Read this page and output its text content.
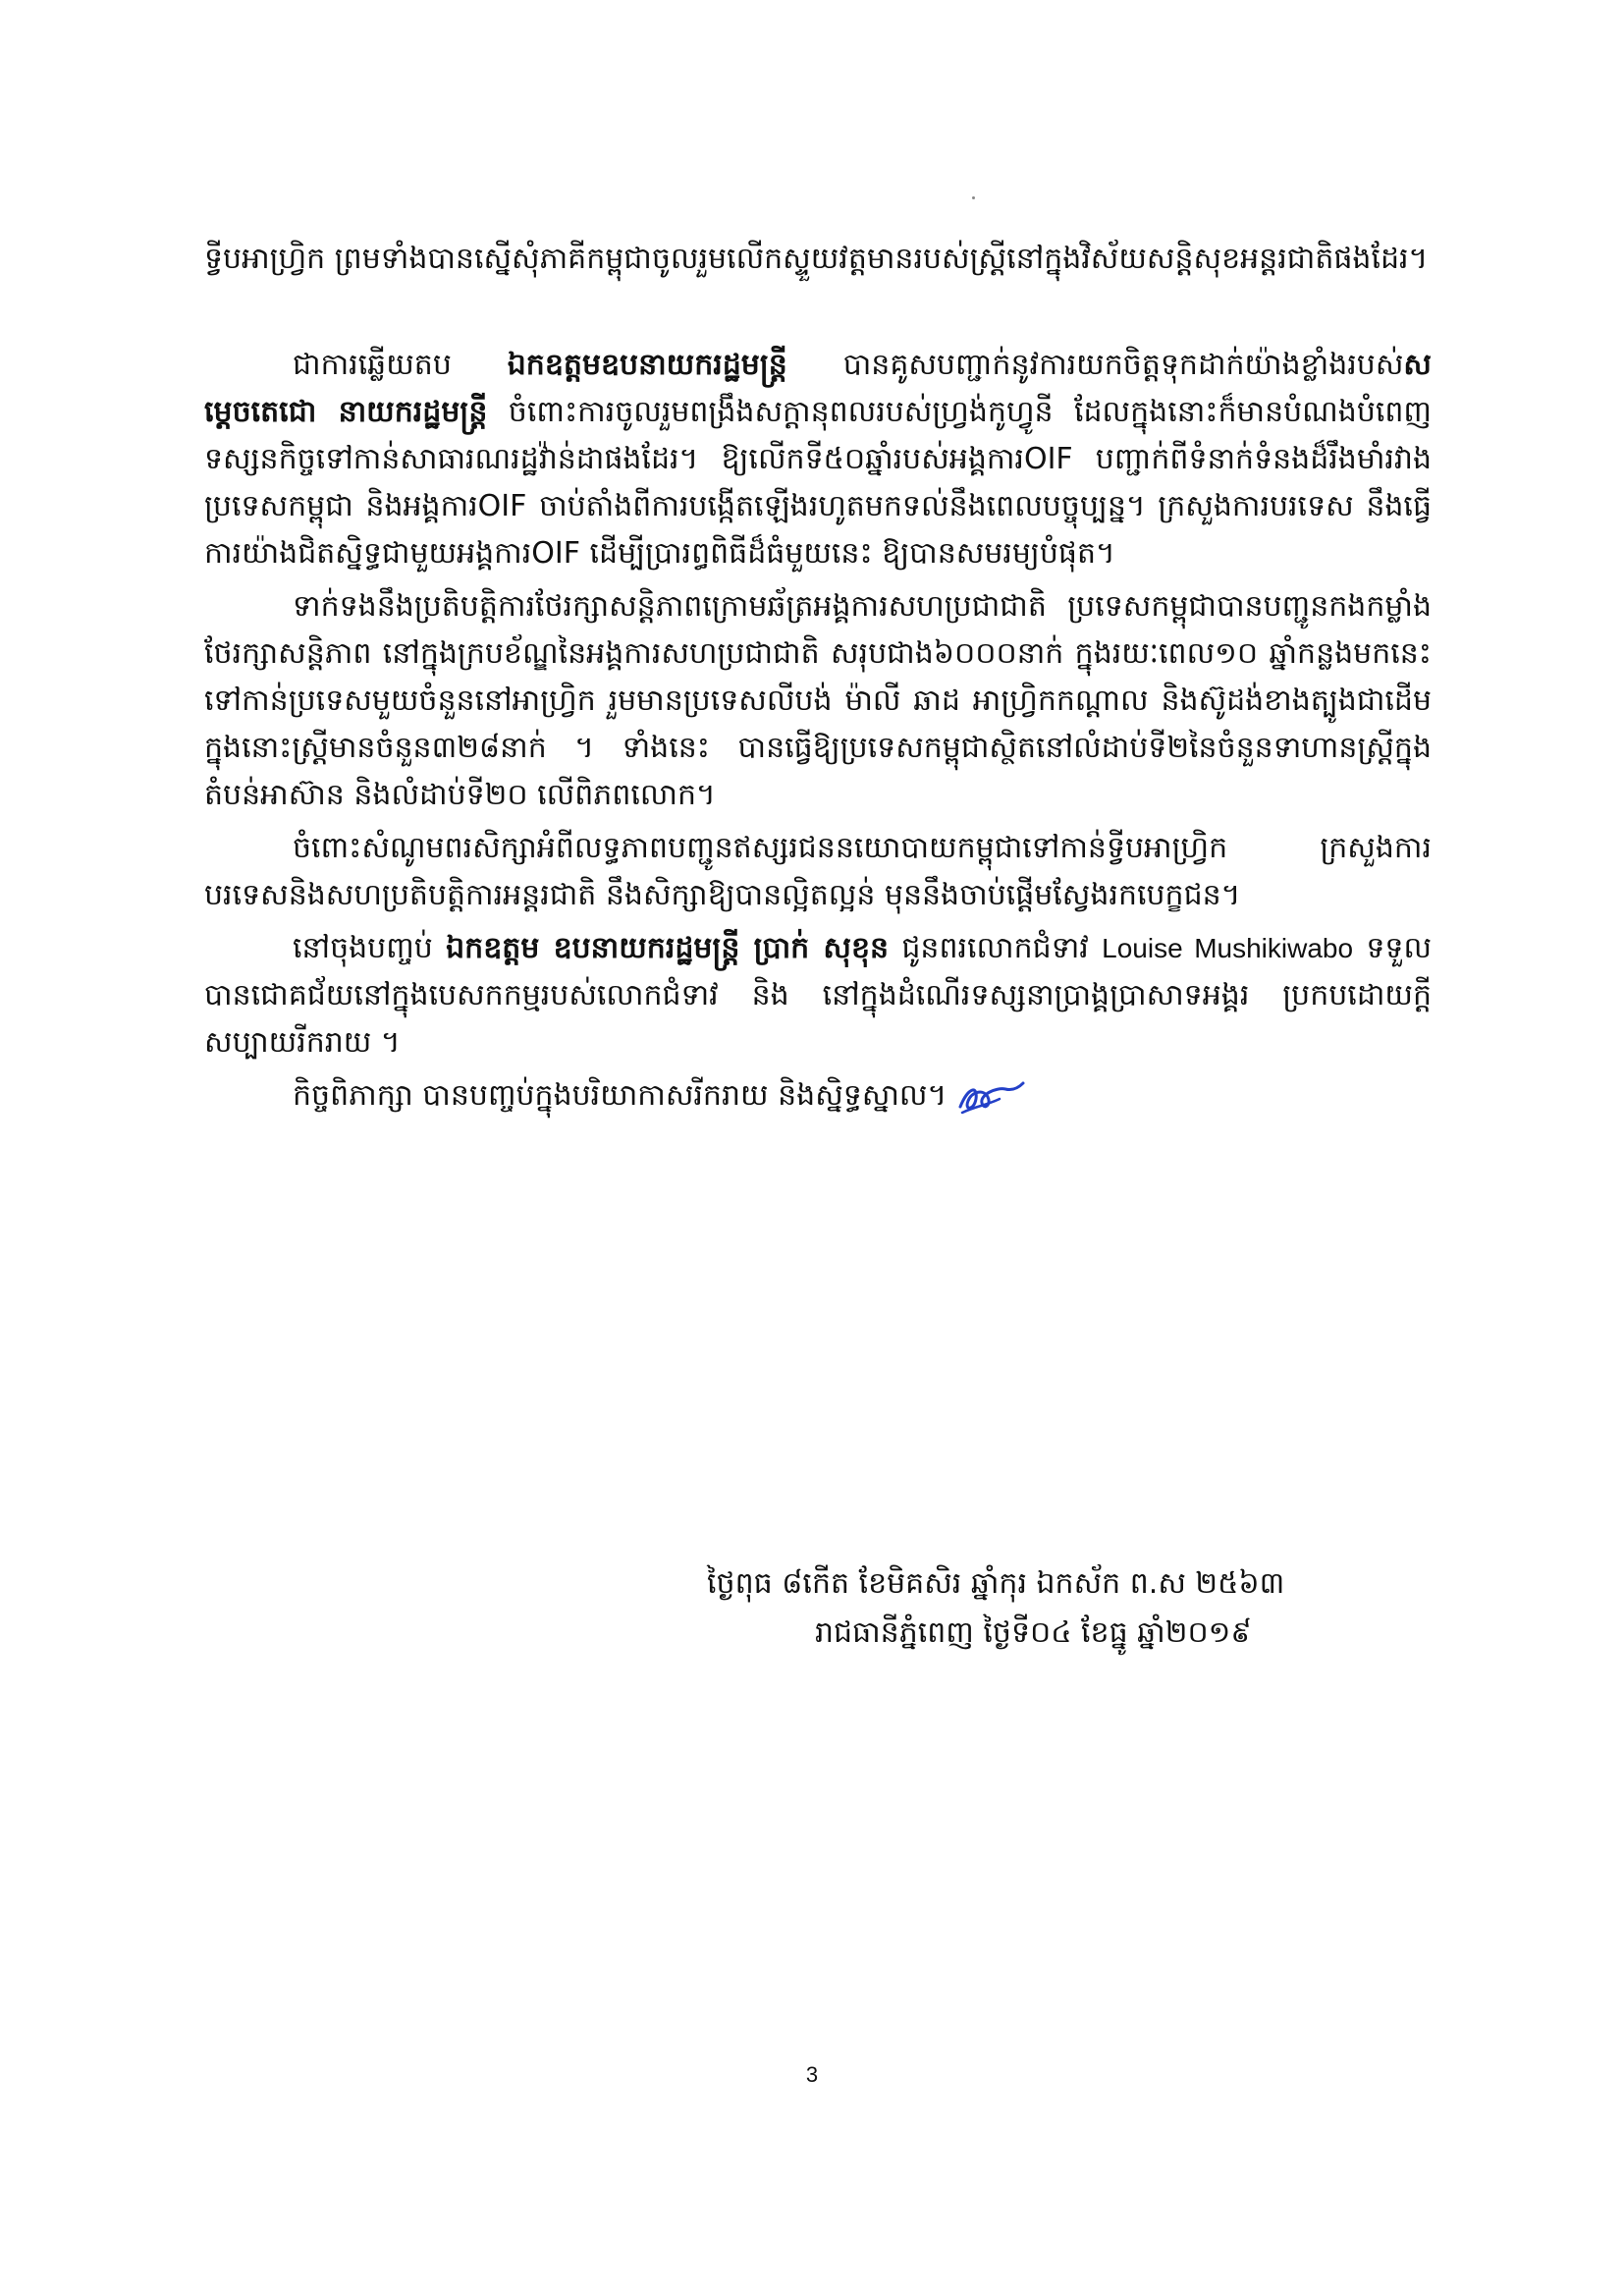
ទ្វីបអាហ្វ្រិក ព្រមទាំងបានស្នើសុំភាគីកម្ពុជាចូលរួមលើកស្ទួយវត្តមានរបស់ស្ត្រីនៅក្នុងវិស័យសន្តិសុខអន្តរជាតិផងដែរ។

ជាការឆ្លើយតប ឯកឧត្តមឧបនាយករដ្ឋមន្ត្រី បានគូសបញ្ជាក់នូវការយកចិត្តទុកដាក់យ៉ាងខ្លាំងរបស់សម្តេចតេជោ នាយករដ្ឋមន្ត្រី ចំពោះការចូលរួមពង្រឹងសក្តានុពលរបស់ហ្វ្រង់កូហ្វូនី ដែលក្នុងនោះក៏មានបំណងបំពេញទស្សនកិច្ចទៅកាន់សាធារណរដ្ឋវ៉ាន់ដាផងដែរ។ ឱ្យលើកទី៥០ឆ្នាំរបស់អង្គការOIF បញ្ជាក់ពីទំនាក់ទំនងដ៏រឹងមាំរវាងប្រទេសកម្ពុជា និងអង្គការOIF ចាប់តាំងពីការបង្កើតឡើងរហូតមកទល់នឹងពេលបច្ចុប្បន្ន។ ក្រសួងការបរទេស នឹងធ្វើការយ៉ាងជិតស្និទ្ធជាមួយអង្គការOIF ដើម្បីប្រារព្ធពិធីដ៏ធំមួយនេះ ឱ្យបានសមរម្យបំផុត។

ទាក់ទងនឹងប្រតិបត្តិការថែរក្សាសន្តិភាពក្រោមឆ័ត្រអង្គការសហប្រជាជាតិ ប្រទេសកម្ពុជាបានបញ្ជូនកងកម្លាំងថែរក្សាសន្តិភាព នៅក្នុងក្របខ័ណ្ឌនៃអង្គការសហប្រជាជាតិ សរុបជាង៦០០០នាក់ ក្នុងរយៈពេល១០ ឆ្នាំកន្លងមកនេះ ទៅកាន់ប្រទេសមួយចំនួននៅអាហ្វ្រិក រួមមានប្រទេសលីបង់ ម៉ាលី ឆាដ អាហ្វ្រិកកណ្តាល និងស៊ូដង់ខាងត្បូងជាដើម ក្នុងនោះស្ត្រីមានចំនួន៣២៨នាក់ ។ ទាំងនេះ បានធ្វើឱ្យប្រទេសកម្ពុជាស្ថិតនៅលំដាប់ទី២នៃចំនួនទាហានស្ត្រីក្នុងតំបន់អាស៊ាន និងលំដាប់ទី២០ លើពិភពលោក។

ចំពោះសំណូមពរសិក្សាអំពីលទ្ធភាពបញ្ជូនឥស្សរជននយោបាយកម្ពុជាទៅកាន់ទ្វីបអាហ្វ្រិក ក្រសួងការបរទេសនិងសហប្រតិបត្តិការអន្តរជាតិ នឹងសិក្សាឱ្យបានល្អិតល្អន់ មុននឹងចាប់ផ្តើមស្វែងរកបេក្ខជន។

នៅចុងបញ្ចប់ ឯកឧត្តម ឧបនាយករដ្ឋមន្ត្រី ប្រាក់ សុខុន ជូនពរលោកជំទាវ Louise Mushikiwabo ទទួលបានជោគជ័យនៅក្នុងបេសកកម្មរបស់លោកជំទាវ និង នៅក្នុងដំណើរទស្សនាប្រាង្គប្រាសាទអង្គរ ប្រកបដោយក្តីសប្បាយរីករាយ ។

កិច្ចពិភាក្សា បានបញ្ចប់ក្នុងបរិយាកាសរីករាយ និងស្និទ្ធស្នាល។

ថ្ងៃពុធ ៨កើត ខែមិគសិរ ឆ្នាំកុរ ឯកស័ក ព.ស ២៥៦៣

រាជធានីភ្នំពេញ ថ្ងៃទី០៤ ខែធ្នូ ឆ្នាំ២០១៩

3
